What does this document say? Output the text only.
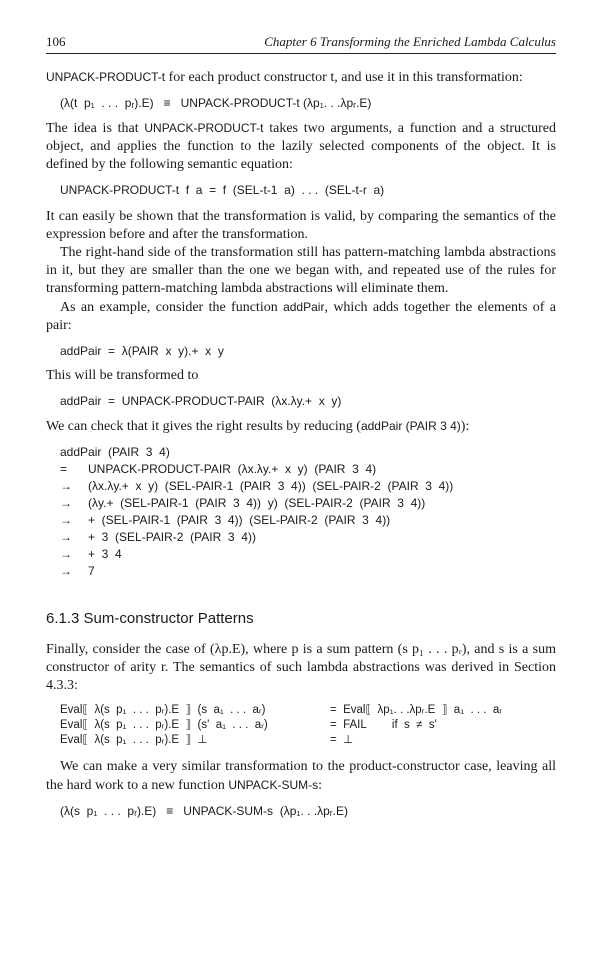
106	Chapter 6 Transforming the Enriched Lambda Calculus

UNPACK-PRODUCT-t for each product constructor t, and use it in this transformation:

(λ(t  p₁  . . .  pᵣ).E)   ≡   UNPACK-PRODUCT-t (λp₁. . .λpᵣ.E)

The idea is that UNPACK-PRODUCT-t takes two arguments, a function and a structured object, and applies the function to the lazily selected components of the object. It is defined by the following semantic equation:

UNPACK-PRODUCT-t  f  a  =  f  (SEL-t-1  a)  . . .  (SEL-t-r  a)

It can easily be shown that the transformation is valid, by comparing the semantics of the expression before and after the transformation.

The right-hand side of the transformation still has pattern-matching lambda abstractions in it, but they are smaller than the one we began with, and repeated use of the rules for transforming pattern-matching lambda abstractions will eliminate them.

As an example, consider the function addPair, which adds together the elements of a pair:

addPair  =  λ(PAIR  x  y).+  x  y

This will be transformed to

addPair  =  UNPACK-PRODUCT-PAIR  (λx.λy.+  x  y)

We can check that it gives the right results by reducing (addPair (PAIR 3 4)):

addPair  (PAIR  3  4)
=	UNPACK-PRODUCT-PAIR  (λx.λy.+  x  y)  (PAIR  3  4)
→	(λx.λy.+  x  y)  (SEL-PAIR-1  (PAIR  3  4))  (SEL-PAIR-2  (PAIR  3  4))
→	(λy.+  (SEL-PAIR-1  (PAIR  3  4))  y)  (SEL-PAIR-2  (PAIR  3  4))
→	+  (SEL-PAIR-1  (PAIR  3  4))  (SEL-PAIR-2  (PAIR  3  4))
→	+  3  (SEL-PAIR-2  (PAIR  3  4))
→	+  3  4
→	7
6.1.3 Sum-constructor Patterns

Finally, consider the case of (λp.E), where p is a sum pattern (s p₁ . . . pᵣ), and s is a sum constructor of arity r. The semantics of such lambda abstractions was derived in Section 4.3.3:

Eval⟦  λ(s  p₁  . . .  pᵣ).E  ⟧  (s  a₁  . . .  aᵣ)	=  Eval⟦  λp₁. . .λpᵣ.E  ⟧  a₁  . . .  aᵣ
Eval⟦  λ(s  p₁  . . .  pᵣ).E  ⟧  (s'  a₁  . . .  aᵣ)	=  FAIL        if  s  ≠  s'
Eval⟦  λ(s  p₁  . . .  pᵣ).E  ⟧  ⊥	=  ⊥

We can make a very similar transformation to the product-constructor case, leaving all the hard work to a new function UNPACK-SUM-s:

(λ(s  p₁  . . .  pᵣ).E)   ≡   UNPACK-SUM-s  (λp₁. . .λpᵣ.E)
